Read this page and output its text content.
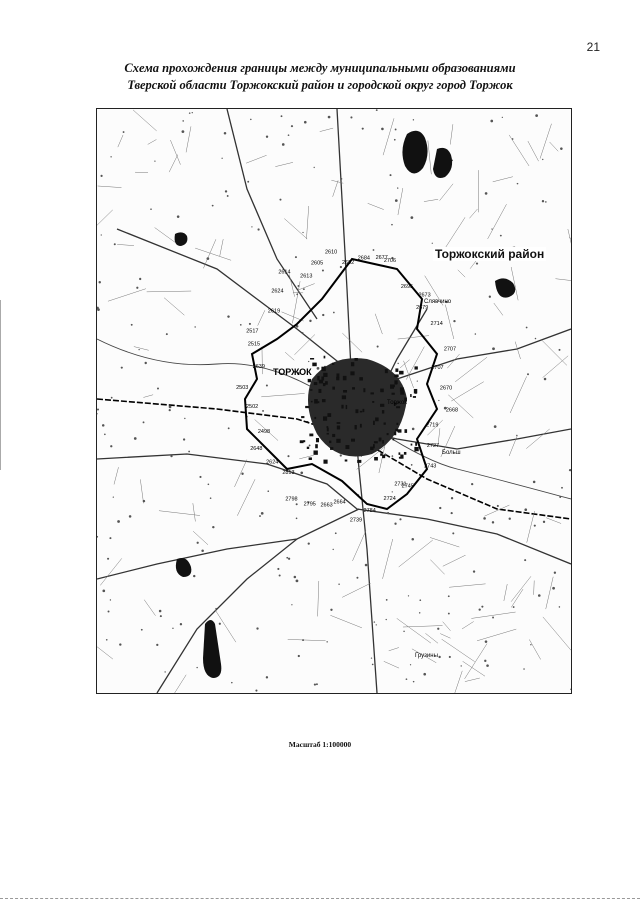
21
Схема прохождения границы между муниципальными образованиями
Тверской области Торжокский район и городской округ город Торжок
ТОРЖОК
Слявчино
Торжок
Грузины
Больш
2692
2684 2677
2706
2695
2673
2679
2714
2707
2707
2670
2668
2719
2727
2743
2745
2731
2724
2784
2739
2664
2663
2795
2798
2813
2624
2648
2498
2502
2503
2639
2515
2517
2619
2624
2614
2613
2605
2610	Торжокский район
Масштаб 1:100000
